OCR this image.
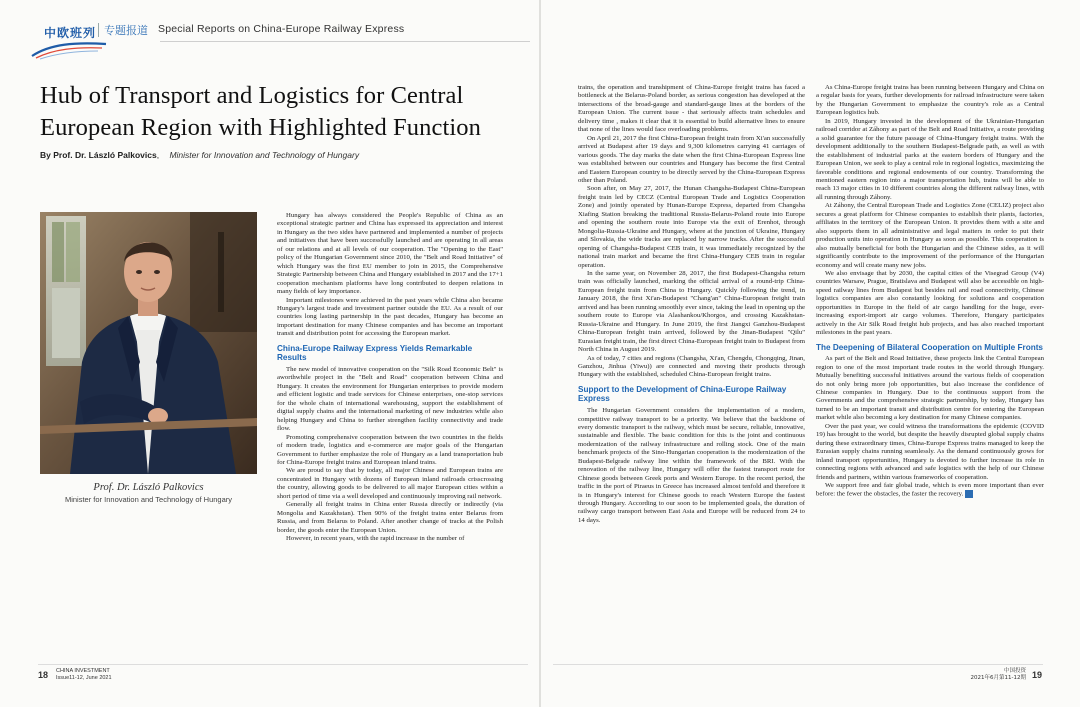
中欧班列 专题报道 Special Reports on China-Europe Railway Express
Hub of Transport and Logistics for Central European Region with Highlighted Function
By Prof. Dr. László Palkovics, Minister for Innovation and Technology of Hungary
Prof. Dr. László Palkovics
Minister for Innovation and Technology of Hungary

Hungary has always considered the People's Republic of China as an exceptional strategic partner and China has expressed its appreciation and interest in Hungary as the two sides have partnered and implemented a number of projects and initiatives that have been successfully launched and are operating in all areas of our relations and at all levels of our cooperation. The "Opening to the East" policy of the Hungarian Government since 2010, the "Belt and Road Initiative" of which Hungary was the first EU member to join in 2015, the Comprehensive Strategic Partnership between China and Hungary established in 2017 and the 17+1 cooperation mechanism platforms have long contributed to deepen relations in many fields of key importance.

Important milestones were achieved in the past years while China also became Hungary's largest trade and investment partner outside the EU. As a result of our countries long lasting partnership in the past decades, Hungary has become an important destination for many Chinese companies and has become an important transit and distribution point for accessing the European market.

China-Europe Railway Express Yields Remarkable Results

The new model of innovative cooperation on the "Silk Road Economic Belt" is aworthwhile project in the "Belt and Road" cooperation between China and Hungary. It creates the environment for Hungarian enterprises to provide modern and efficient logistic and trade services for Chinese enterprises, one-stop services for the whole chain of international warehousing, support the establishment of digital supply chains and the international marketing of new industries while also helping Hungary and China to further strengthen facility connectivity and trade flow.

Promoting comprehensive cooperation between the two countries in the fields of modern trade, logistics and e-commerce are major goals of the Hungarian Government to further emphasize the role of Hungary as a land transportation hub for China-Europe freight trains and European inland trains.

We are proud to say that by today, all major Chinese and European trains are concentrated in Hungary with dozens of European inland railroads crisscrossing the country, allowing goods to be delivered to all major European cities within a short period of time via a well developed and continuously improving rail network.

Generally all freight trains in China enter Russia directly or indirectly (via Mongolia and Kazakhstan). Then 90% of the freight trains enter Belarus from Russia, and from Belarus to Poland. After another change of tracks at the Polish border, the goods enter the European Union.

However, in recent years, with the rapid increase in the number of

trains, the operation and transhipment of China-Europe freight trains has faced a bottleneck at the Belarus-Poland border, as serious congestion has developed at the intersections of the broad-gauge and standard-gauge lines at the borders of the European Union. The current issue - that seriously affects train schedules and delivery time , makes it clear that it is essential to build alternative lines to ensure that none of the lines would face overloading problems.

On April 21, 2017 the first China-European freight train from Xi'an successfully arrived at Budapest after 19 days and 9,300 kilometres carrying 41 carriages of various goods. The day marks the date when the first China-European Express line was established between our countries and Hungary has become the first Central and Eastern European country to be directly served by the China-European Express other than Poland.

Soon after, on May 27, 2017, the Hunan Changsha-Budapest China-European freight train led by CECZ (Central European Trade and Logistics Cooperation Zone) and jointly operated by Hunan-Europe Express, departed from Changsha Xiafing Station breaking the traditional Russia-Belarus-Poland route into Europe and opening the southern route into Europe via the exit of Erenhot, through Mongolia-Russia-Ukraine and Hungary, where at the junction of Ukraine, Hungary and Slovakia, the wide tracks are replaced by narrow tracks. After the successful opening of Changsha-Budapest CEB train, it was immediately recognized by the national train market and became the first China-Hungary CEB train in regular operation.

In the same year, on November 28, 2017, the first Budapest-Changsha return train was officially launched, marking the official arrival of a round-trip China-European freight train from China to Hungary. Quickly following the trend, in January 2018, the first Xi'an-Budapest "Chang'an" China-European freight train arrived and has been running smoothly ever since, taking the lead in opening up the southern route to Europe via Alashankou/Khorgos, and crossing Kazakhstan-Russia-Ukraine and Hungary. In June 2019, the first Jiangxi Ganzhou-Budapest China-European freight train arrived, followed by the Jinan-Budapest "Qilu" Eurasian freight train, the first direct China-European freight train to Budapest from North China in August 2019.

As of today, 7 cities and regions (Changsha, Xi'an, Chengdu, Chongqing, Jinan, Ganzhou, Jinhua (Yiwu)) are connected and moving their products through Hungary with the established, scheduled China-European freight trains.

Support to the Development of China-Europe Railway Express

The Hungarian Government considers the implementation of a modern, competitive railway transport to be a priority. We believe that the backbone of every domestic transport is the railway, which must be secure, reliable, innovative, sustainable and flexible. The basic condition for this is the joint and continuous modernization of the railway infrastructure and rolling stock. One of the main benchmark projects of the Sino-Hungarian cooperation is the modernization of the Budapest-Belgrade railway line within the framework of the BRI. With the renovation of the railway line, Hungary will offer the fastest transport route for Chinese goods between Greek ports and Western Europe. In the recent period, the traffic in the port of Piraeus in Greece has increased almost tenfold and therefore it is in Hungary's interest for Chinese goods to reach Western Europe the fastest through Hungary. According to our soon to be implemented goals, the duration of railway cargo transport between East Asia and Europe will be reduced from 24 to 14 days.

As China-Europe freight trains has been running between Hungary and China on a regular basis for years, further developments for railroad infrastructure were taken by the Hungarian Government to emphasize the country's role as a Central European logistics hub.

In 2019, Hungary invested in the development of the Ukrainian-Hungarian railroad corridor at Záhony as part of the Belt and Road Initiative, a route providing a solid guarantee for the future passage of China-Hungary freight trains. With the development additionally to the southern Budapest-Belgrade path, as well as with the establishment of industrial parks at the eastern borders of Hungary and the European Union, we seek to play a central role in regional logistics, maximizing the favorable conditions and regional endowments of our country. Transforming the mentioned eastern region into a major transportation hub, trains will be able to reach 13 major cities in 10 different countries along the different railway lines, with all running through Záhony.

At Záhony, the Central European Trade and Logistics Zone (CELIZ) project also secures a great platform for Chinese companies to establish their plants, factories, affiliates in the territory of the European Union. It provides them with a site and also supports them in all administrative and legal matters in order to put their production units into operation in Hungary as soon as possible. This cooperation is also mutually beneficial for both the Hungarian and the Chinese sides, as it will significantly contribute to the improvement of the performance of the Hungarian economy and will create many new jobs.

We also envisage that by 2030, the capital cities of the Visegrad Group (V4) countries Warsaw, Prague, Bratislava and Budapest will also be accessible on high-speed railway lines from Budapest but besides rail and road connectivity, Chinese logistics companies are also constantly looking for solutions and cooperation opportunities in Europe in the field of air cargo handling for the huge, ever-increasing export-import air cargo volumes. Therefore, Hungary participates actively in the Air Silk Road freight hub projects, and has also reached important milestones in the past years.

The Deepening of Bilateral Cooperation on Multiple Fronts

As part of the Belt and Road Initiative, these projects link the Central European region to one of the most important trade routes in the world through Hungary. Mutually benefiting successful initiatives around the various fields of cooperation do not only bring more job opportunities, but also increase the confidence of Chinese companies in Hungary. Due to the continuous support from the Governments and the comprehensive strategic partnership, by today, Hungary has turned to be an important transit and distribution centre for entering the European market while also becoming a key destination for many Chinese companies.

Over the past year, we could witness the transformations the epidemic (COVID 19) has brought to the world, but despite the heavily disrupted global supply chains during these extraordinary times, China-Europe Express trains managed to keep the Eurasian supply chains running seamlessly. As the demand continuously grows for inland transport opportunities, Hungary is devoted to further increase its role in connecting regions with advanced and safe logistics with the help of our Chinese friends and partners, within various frameworks of cooperation.

We support free and fair global trade, which is even more important than ever before: the fewer the obstacles, the faster the recovery.

18 CHINA INVESTMENT
Issue11-12, June 2021
中国投资
2021年6月第11-12期 19
